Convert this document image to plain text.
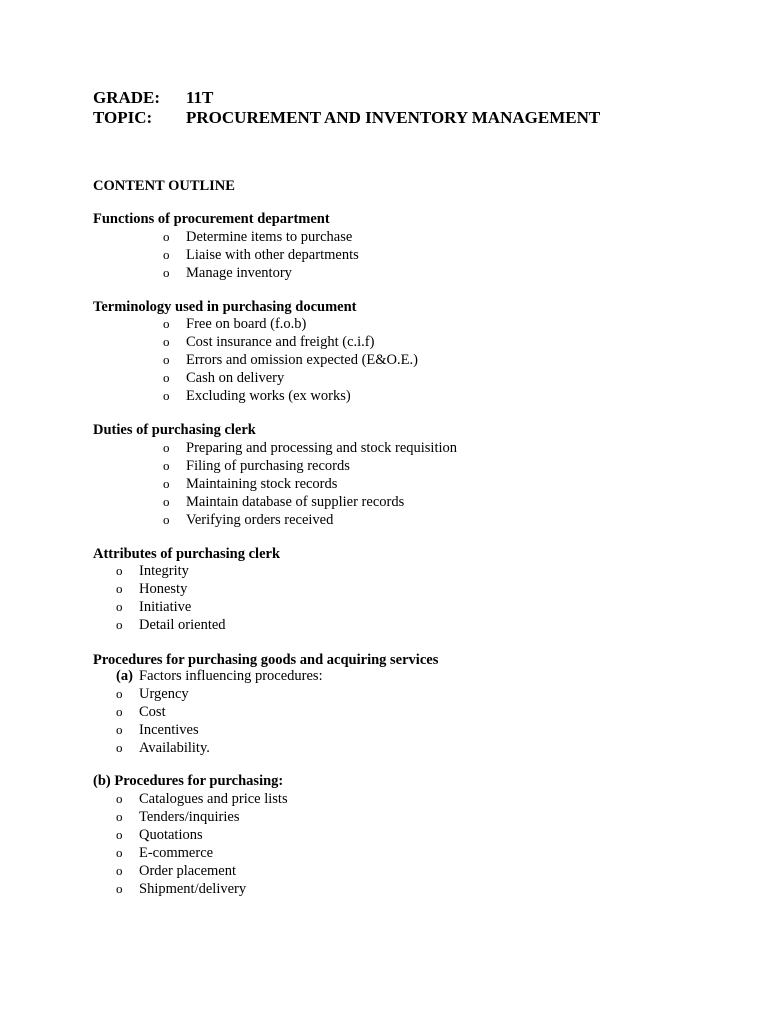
GRADE: 11T
TOPIC: PROCUREMENT AND INVENTORY MANAGEMENT
CONTENT OUTLINE
Functions of procurement department
o Determine items to purchase
o Liaise with other departments
o Manage inventory
Terminology used in purchasing document
o Free on board (f.o.b)
o Cost insurance and freight (c.i.f)
o Errors and omission expected (E&O.E.)
o Cash on delivery
o Excluding works (ex works)
Duties of purchasing clerk
o Preparing and processing and stock requisition
o Filing of purchasing records
o Maintaining stock records
o Maintain database of supplier records
o Verifying orders received
Attributes of purchasing clerk
o Integrity
o Honesty
o Initiative
o Detail oriented
Procedures for purchasing goods and acquiring services
(a) Factors influencing procedures:
o Urgency
o Cost
o Incentives
o Availability.
(b) Procedures for purchasing:
o Catalogues and price lists
o Tenders/inquiries
o Quotations
o E-commerce
o Order placement
o Shipment/delivery
